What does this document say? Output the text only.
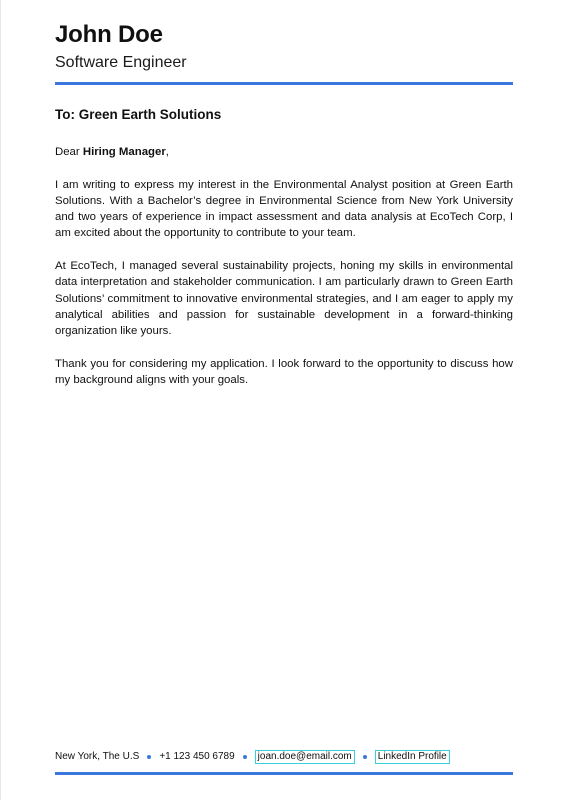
John Doe
Software Engineer
To: Green Earth Solutions
Dear Hiring Manager,

I am writing to express my interest in the Environmental Analyst position at Green Earth Solutions. With a Bachelor’s degree in Environmental Science from New York University and two years of experience in impact assessment and data analysis at EcoTech Corp, I am excited about the opportunity to contribute to your team.

At EcoTech, I managed several sustainability projects, honing my skills in environmental data interpretation and stakeholder communication. I am particularly drawn to Green Earth Solutions’ commitment to innovative environmental strategies, and I am eager to apply my analytical abilities and passion for sustainable development in a forward-thinking organization like yours.

Thank you for considering my application. I look forward to the opportunity to discuss how my background aligns with your goals.

New York, The U.S +1 123 450 6789	joan.doe@email.com	LinkedIn Profile
